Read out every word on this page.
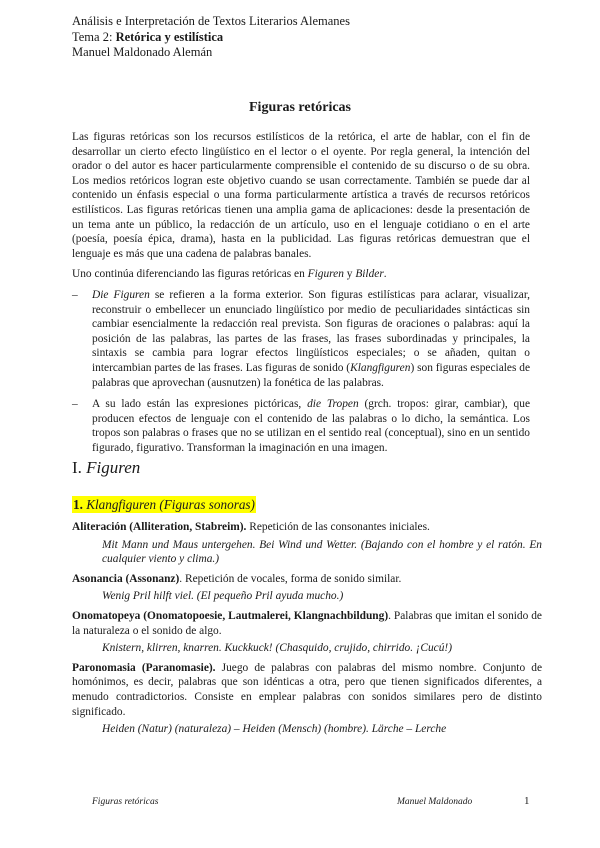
Análisis e Interpretación de Textos Literarios Alemanes
Tema 2: Retórica y estilística
Manuel Maldonado Alemán
Figuras retóricas

Las figuras retóricas son los recursos estilísticos de la retórica, el arte de hablar, con el fin de desarrollar un cierto efecto lingüístico en el lector o el oyente. Por regla general, la intención del orador o del autor es hacer particularmente comprensible el contenido de su discurso o de su obra. Los medios retóricos logran este objetivo cuando se usan correctamente. También se puede dar al contenido un énfasis especial o una forma particularmente artística a través de recursos retóricos estilísticos. Las figuras retóricas tienen una amplia gama de aplicaciones: desde la presentación de un tema ante un público, la redacción de un artículo, uso en el lenguaje cotidiano o en el arte (poesía, poesía épica, drama), hasta en la publicidad. Las figuras retóricas demuestran que el lenguaje es más que una cadena de palabras banales.

Uno continúa diferenciando las figuras retóricas en Figuren y Bilder.

–	Die Figuren se refieren a la forma exterior. Son figuras estilísticas para aclarar, visualizar, reconstruir o embellecer un enunciado lingüístico por medio de peculiaridades sintácticas sin cambiar esencialmente la redacción real prevista. Son figuras de oraciones o palabras: aquí la posición de las palabras, las partes de las frases, las frases subordinadas y principales, la sintaxis se cambia para lograr efectos lingüísticos especiales; o se añaden, quitan o intercambian partes de las frases. Las figuras de sonido (Klangfiguren) son figuras especiales de palabras que aprovechan (ausnutzen) la fonética de las palabras.
–	A su lado están las expresiones pictóricas, die Tropen (grch. tropos: girar, cambiar), que producen efectos de lenguaje con el contenido de las palabras o lo dicho, la semántica. Los tropos son palabras o frases que no se utilizan en el sentido real (conceptual), sino en un sentido figurado, figurativo. Transforman la imaginación en una imagen.
I. Figuren
1. Klangfiguren (Figuras sonoras)

Aliteración (Alliteration, Stabreim). Repetición de las consonantes iniciales.

Mit Mann und Maus untergehen. Bei Wind und Wetter. (Bajando con el hombre y el ratón. En cualquier viento y clima.)

Asonancia (Assonanz). Repetición de vocales, forma de sonido similar.

Wenig Pril hilft viel. (El pequeño Pril ayuda mucho.)

Onomatopeya (Onomatopoesie, Lautmalerei, Klangnachbildung). Palabras que imitan el sonido de la naturaleza o el sonido de algo.

Knistern, klirren, knarren. Kuckkuck! (Chasquido, crujido, chirrido. ¡Cucú!)

Paronomasia (Paranomasie). Juego de palabras con palabras del mismo nombre. Conjunto de homónimos, es decir, palabras que son idénticas a otra, pero que tienen significados diferentes, a menudo contradictorios. Consiste en emplear palabras con sonidos similares pero de distinto significado.

Heiden (Natur) (naturaleza) – Heiden (Mensch) (hombre). Lärche – Lerche

Figuras retóricas	Manuel Maldonado	1
